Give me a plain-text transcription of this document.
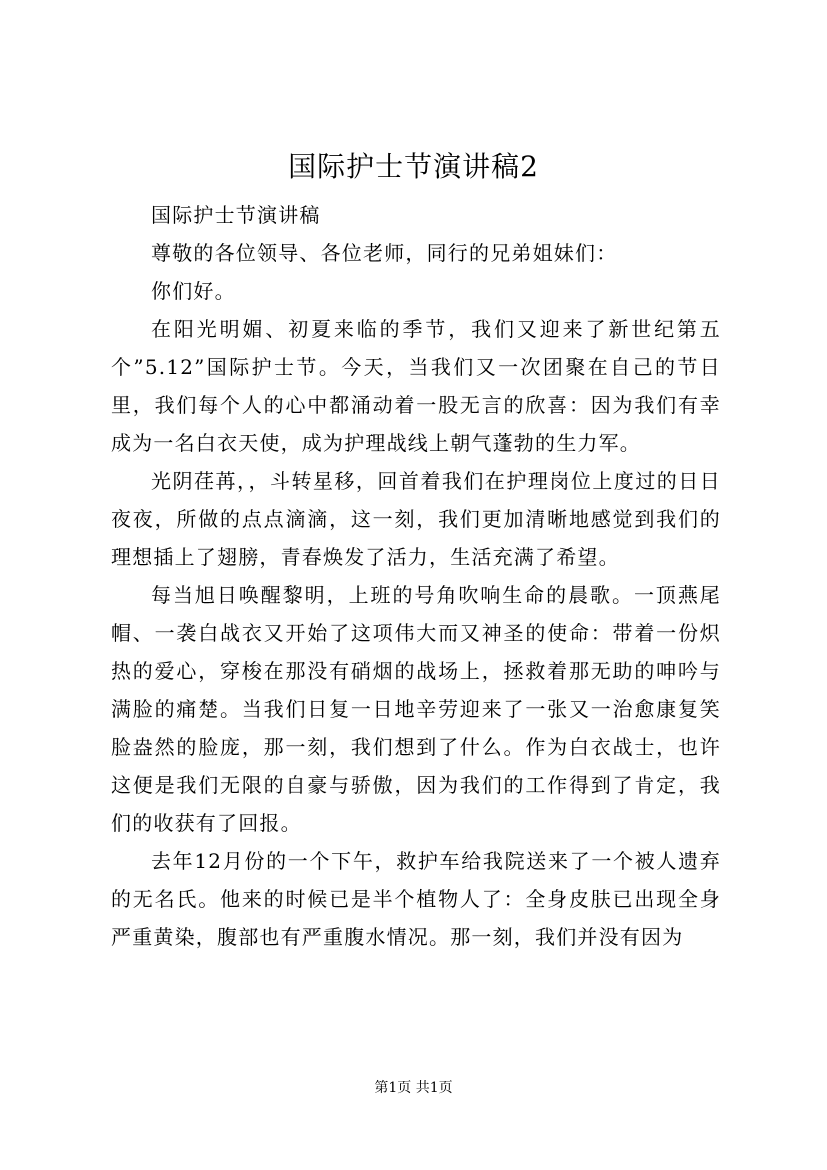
国际护士节演讲稿2

国际护士节演讲稿

尊敬的各位领导、各位老师，同行的兄弟姐妹们：

你们好。

在阳光明媚、初夏来临的季节，我们又迎来了新世纪第五个”5.12”国际护士节。今天，当我们又一次团聚在自己的节日里，我们每个人的心中都涌动着一股无言的欣喜：因为我们有幸成为一名白衣天使，成为护理战线上朝气蓬勃的生力军。

光阴荏苒，，斗转星移，回首着我们在护理岗位上度过的日日夜夜，所做的点点滴滴，这一刻，我们更加清晰地感觉到我们的理想插上了翅膀，青春焕发了活力，生活充满了希望。

每当旭日唤醒黎明，上班的号角吹响生命的晨歌。一顶燕尾帽、一袭白战衣又开始了这项伟大而又神圣的使命：带着一份炽热的爱心，穿梭在那没有硝烟的战场上，拯救着那无助的呻吟与满脸的痛楚。当我们日复一日地辛劳迎来了一张又一治愈康复笑脸盎然的脸庞，那一刻，我们想到了什么。作为白衣战士，也许这便是我们无限的自豪与骄傲，因为我们的工作得到了肯定，我们的收获有了回报。

去年12月份的一个下午，救护车给我院送来了一个被人遗弃的无名氏。他来的时候已是半个植物人了：全身皮肤已出现全身严重黄染，腹部也有严重腹水情况。那一刻，我们并没有因为

第1页 共1页
